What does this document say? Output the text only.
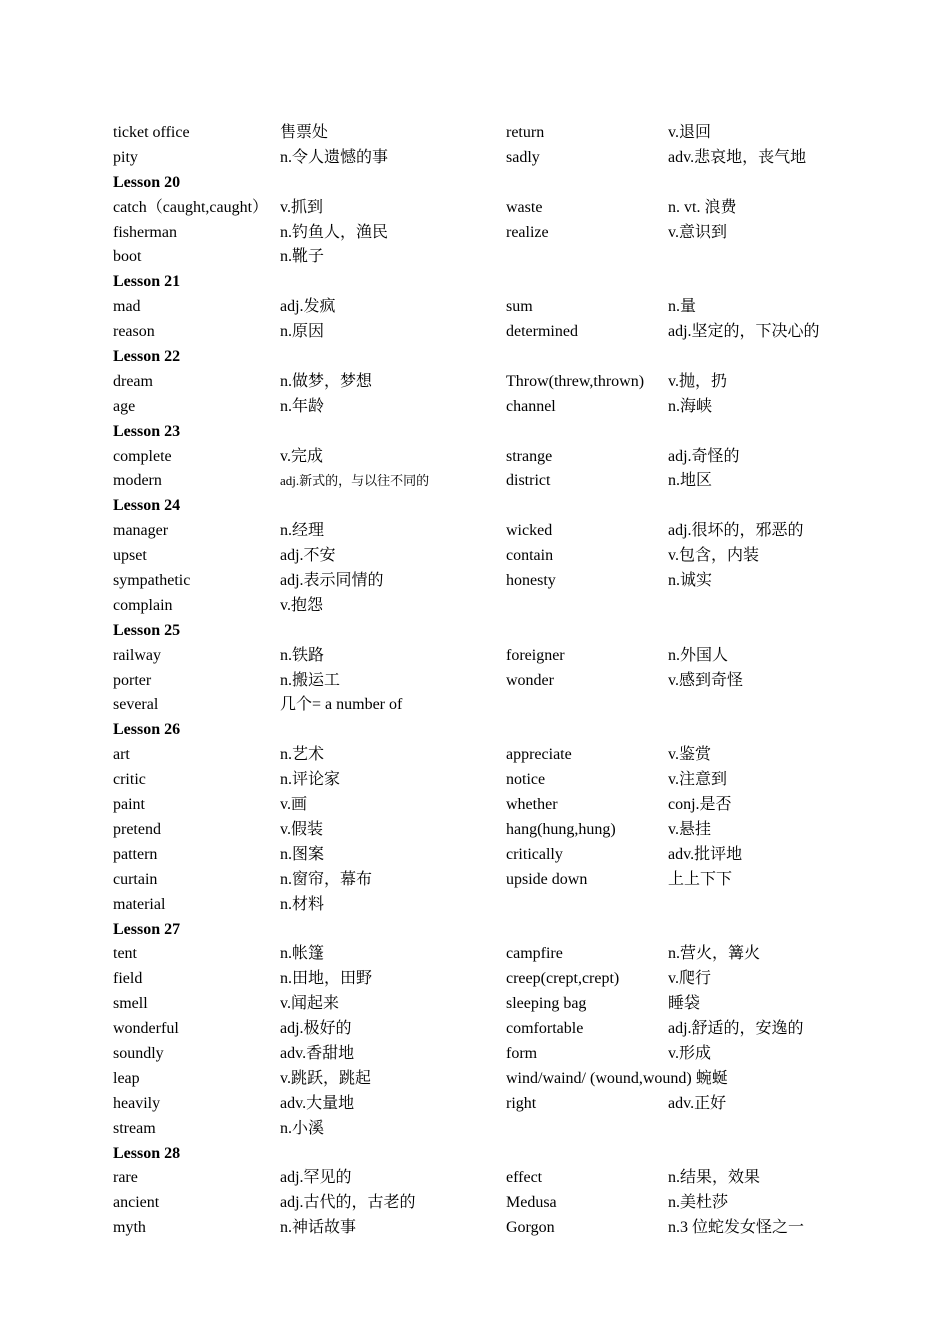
ticket office	售票处	return	v.退回
pity	n.令人遗憾的事	sadly	adv.悲哀地，丧气地
Lesson 20
catch（caught,caught） v.抓到	waste	n. vt. 浪费
fisherman	n.钓鱼人，渔民	realize	v.意识到
boot	n.靴子
Lesson 21
mad	adj.发疯	sum	n.量
reason	n.原因	determined	adj.坚定的，下决心的
Lesson 22
dream	n.做梦，梦想	Throw(threw,thrown) v.抛，扔
age	n.年龄	channel	n.海峡
Lesson 23
complete	v.完成	strange	adj.奇怪的
modern	adj.新式的，与以往不同的	district	n.地区
Lesson 24
manager	n.经理	wicked	adj.很坏的，邪恶的
upset	adj.不安	contain	v.包含，内装
sympathetic	adj.表示同情的	honesty	n.诚实
complain	v.抱怨
Lesson 25
railway	n.铁路	foreigner	n.外国人
porter	n.搬运工	wonder	v.感到奇怪
several	几个= a number of
Lesson 26
art	n.艺术	appreciate	v.鉴赏
critic	n.评论家	notice	v.注意到
paint	v.画	whether	conj.是否
pretend	v.假装	hang(hung,hung)	v.悬挂
pattern	n.图案	critically	adv.批评地
curtain	n.窗帘，幕布	upside down	上上下下
material	n.材料
Lesson 27
tent	n.帐篷	campfire	n.营火，篝火
field	n.田地，田野	creep(crept,crept)	v.爬行
smell	v.闻起来	sleeping bag	睡袋
wonderful	adj.极好的	comfortable	adj.舒适的，安逸的
soundly	adv.香甜地	form	v.形成
leap	v.跳跃，跳起	wind/waind/ (wound,wound) 蜿蜒
heavily	adv.大量地	right	adv.正好
stream	n.小溪
Lesson 28
rare	adj.罕见的	effect	n.结果，效果
ancient	adj.古代的，古老的	Medusa	n.美杜莎
myth	n.神话故事	Gorgon	n.3 位蛇发女怪之一
